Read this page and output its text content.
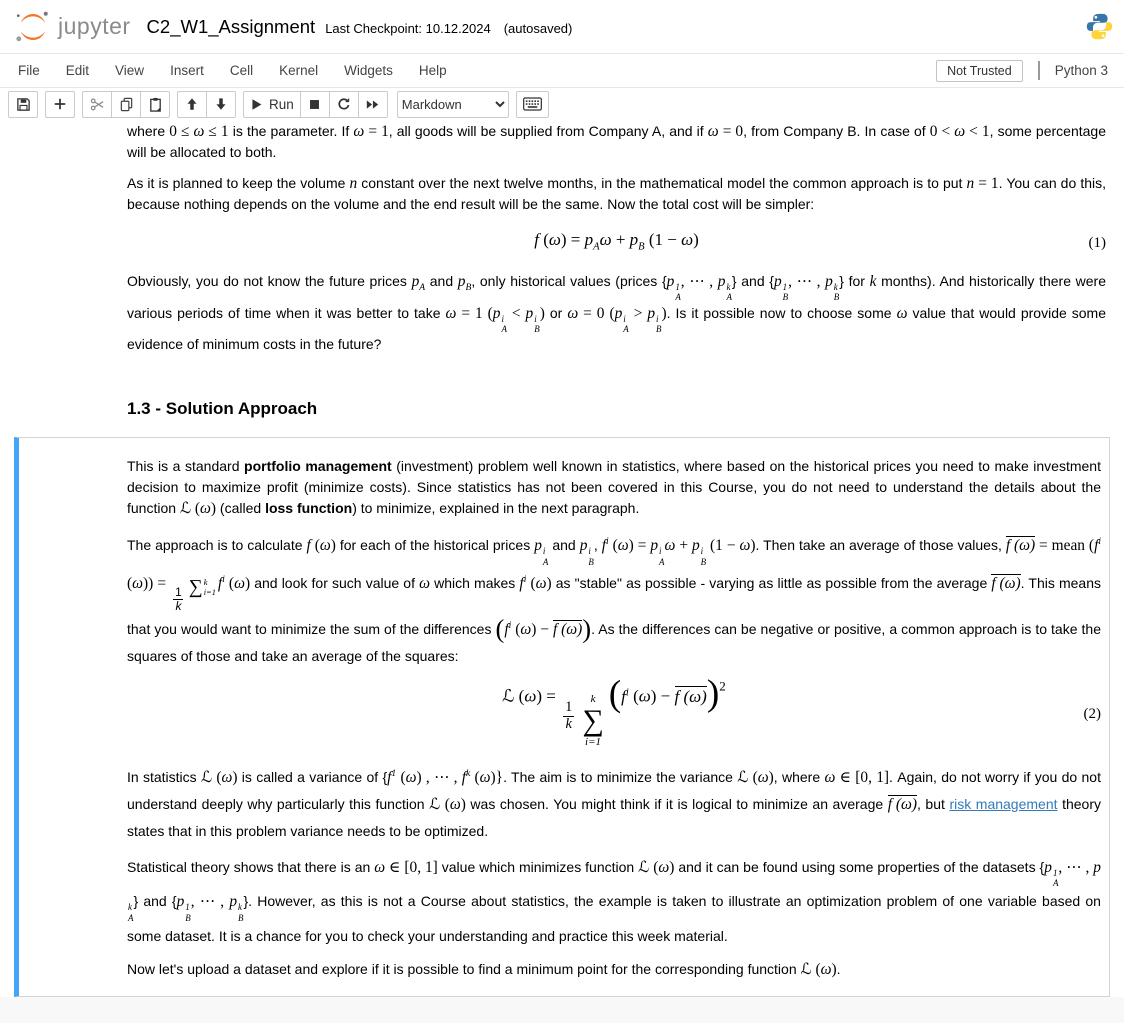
jupyter C2_W1_Assignment Last Checkpoint: 10.12.2024 (autosaved)
File	Edit	View	Insert	Cell	Kernel	Widgets	Help	Not Trusted	Python 3
Run
Markdown

where 0 ≤ ω ≤ 1 is the parameter. If ω = 1, all goods will be supplied from Company A, and if ω = 0, from Company B. In case of 0 < ω < 1, some percentage will be allocated to both.

As it is planned to keep the volume n constant over the next twelve months, in the mathematical model the common approach is to put n = 1. You can do this, because nothing depends on the volume and the end result will be the same. Now the total cost will be simpler:

f $(\omega) = p_A\omega + p_B$ (1 − ω)	(1)

Obviously, you do not know the future prices $p_A$ and $p_B$, only historical values (prices {p 1
A
, ⋯ , p k
A
} and {p 1
B
, ⋯ , p k
B
} for k months). And historically there were various periods of time when it was better to take ω = 1 (p i
A
< p i
B
) or ω = 0 (p i
A
> p i
B
). Is it possible now to choose some ω value that would provide some evidence of minimum costs in the future?

1.3 - Solution Approach

This is a standard portfolio management (investment) problem well known in statistics, where based on the historical prices you need to make investment decision to maximize profit (minimize costs). Since statistics has not been covered in this Course, you do not need to understand the details about the function ℒ (ω) (called loss function) to minimize, explained in the next paragraph.

The approach is to calculate f (ω) for each of the historical prices p i
A
and p i
B
, $f^i$ (ω) = p i
A
ω + p i
B
(1 − ω). Then take an average of those values, f (ω) = mean ($f^i$ (ω)) =
$\frac{1}{k}$ ∑ k
i=1
$f^i$ (ω) and look for such value of ω which makes $f^i$ (ω) as "stable" as possible - varying as little as possible from the average f (ω). This means that you would want to minimize the sum of the differences ($f^i$ (ω) − f (ω)). As the differences can be negative or positive, a common approach is to take the squares of those and take an average of the squares:

ℒ (ω) =
$\frac{1}{k}$
k
∑
i=1
($f^i$ (ω) − f (ω))$^2$
(2)

In statistics ℒ (ω) is called a variance of {$f^1$ (ω) , ⋯ , $f^k$ (ω)}. The aim is to minimize the variance ℒ (ω), where ω ∈ [0, 1]. Again, do not worry if you do not understand deeply why particularly this function ℒ (ω) was chosen. You might think if it is logical to minimize an average f (ω), but risk management theory states that in this problem variance needs to be optimized.

Statistical theory shows that there is an ω ∈ [0, 1] value which minimizes function ℒ (ω) and it can be found using some properties of the datasets {p 1
A
, ⋯ , p
k
A
} and {p 1
B
, ⋯ , p k
B
}. However, as this is not a Course about statistics, the example is taken to illustrate an optimization problem of one variable based on some dataset. It is a chance for you to check your understanding and practice this week material.

Now let's upload a dataset and explore if it is possible to find a minimum point for the corresponding function ℒ (ω).
